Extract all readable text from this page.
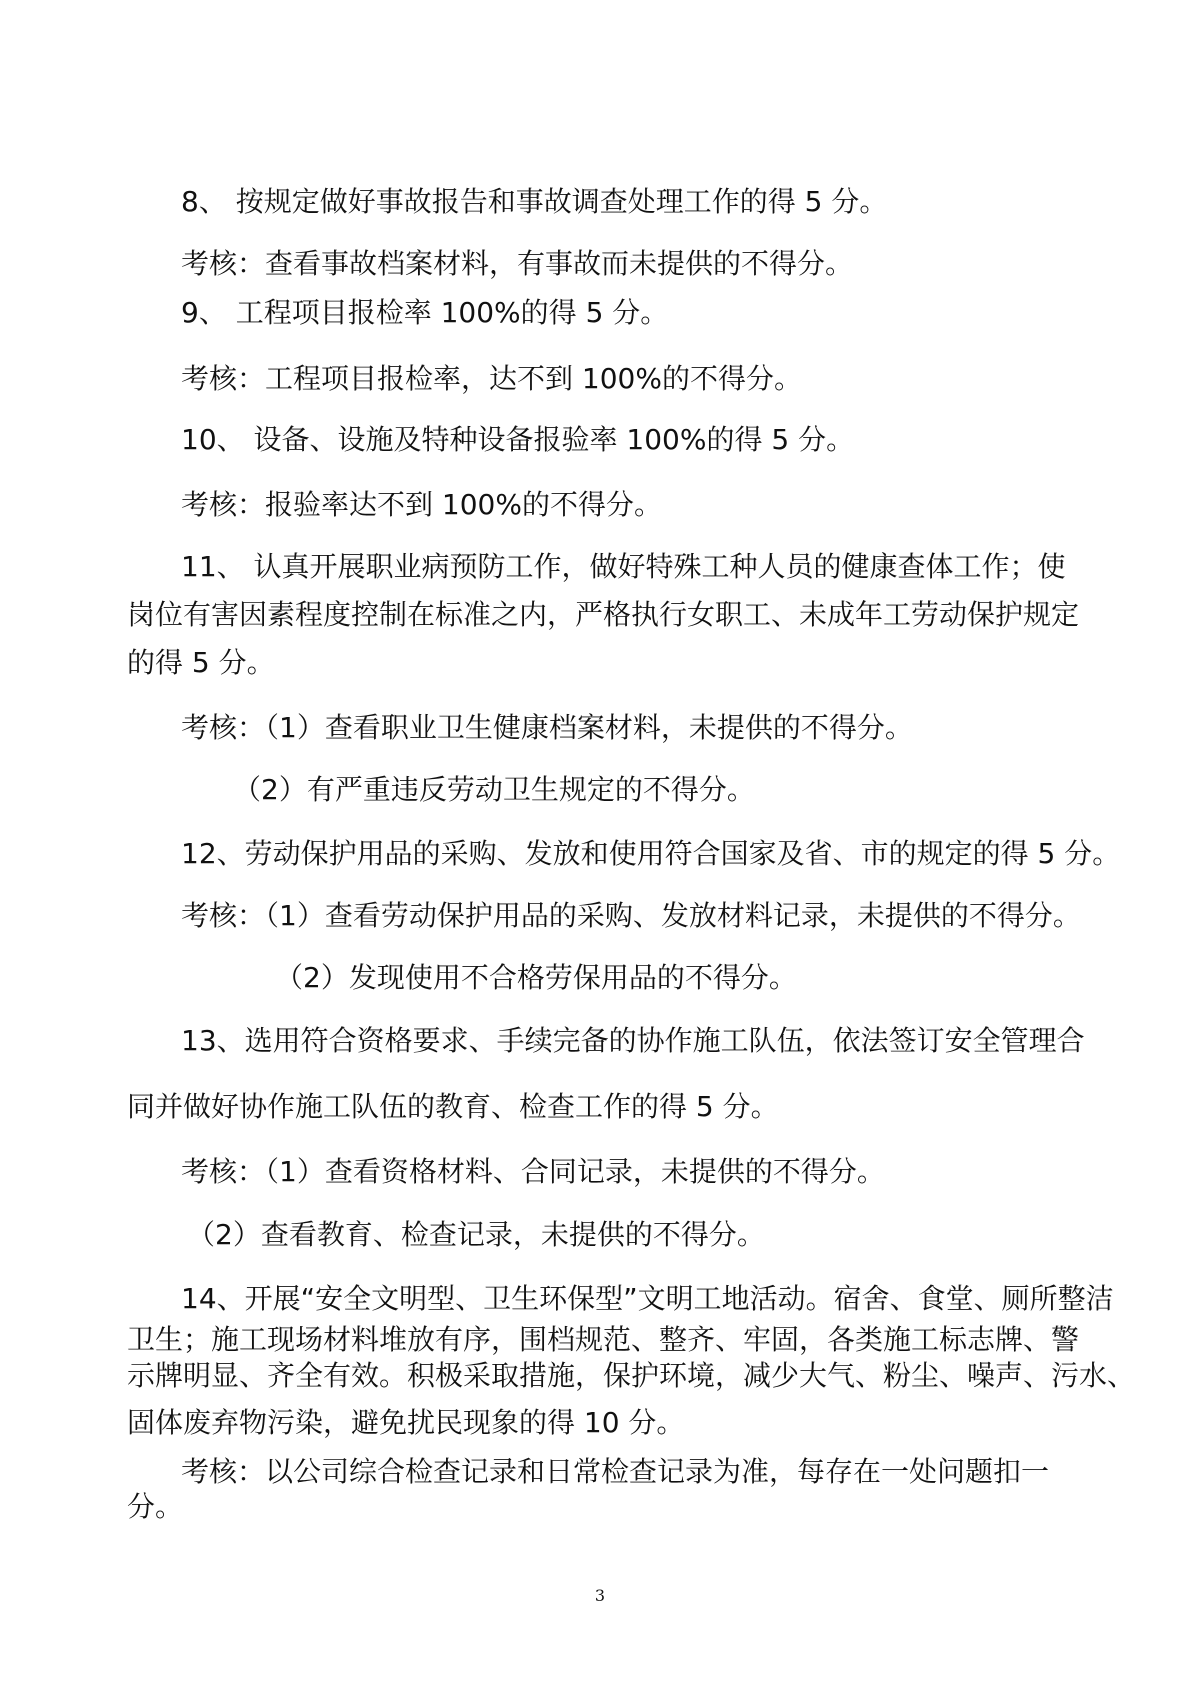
8、 按规定做好事故报告和事故调查处理工作的得 5 分。
考核：查看事故档案材料，有事故而未提供的不得分。
9、 工程项目报检率 100%的得 5 分。
考核：工程项目报检率，达不到 100%的不得分。
10、 设备、设施及特种设备报验率 100%的得 5 分。
考核：报验率达不到 100%的不得分。
11、 认真开展职业病预防工作，做好特殊工种人员的健康查体工作；使
岗位有害因素程度控制在标准之内，严格执行女职工、未成年工劳动保护规定
的得 5 分。
考核：（1）查看职业卫生健康档案材料，未提供的不得分。
（2）有严重违反劳动卫生规定的不得分。
12、劳动保护用品的采购、发放和使用符合国家及省、市的规定的得 5 分。
考核：（1）查看劳动保护用品的采购、发放材料记录，未提供的不得分。
（2）发现使用不合格劳保用品的不得分。
13、选用符合资格要求、手续完备的协作施工队伍，依法签订安全管理合
同并做好协作施工队伍的教育、检查工作的得 5 分。
考核：（1）查看资格材料、合同记录，未提供的不得分。
（2）查看教育、检查记录，未提供的不得分。
14、开展“安全文明型、卫生环保型”文明工地活动。宿舍、食堂、厕所整洁
卫生；施工现场材料堆放有序，围档规范、整齐、牢固，各类施工标志牌、警
示牌明显、齐全有效。积极采取措施，保护环境，减少大气、粉尘、噪声、污水、
固体废弃物污染，避免扰民现象的得 10 分。
考核：以公司综合检查记录和日常检查记录为准，每存在一处问题扣一
分。
3
